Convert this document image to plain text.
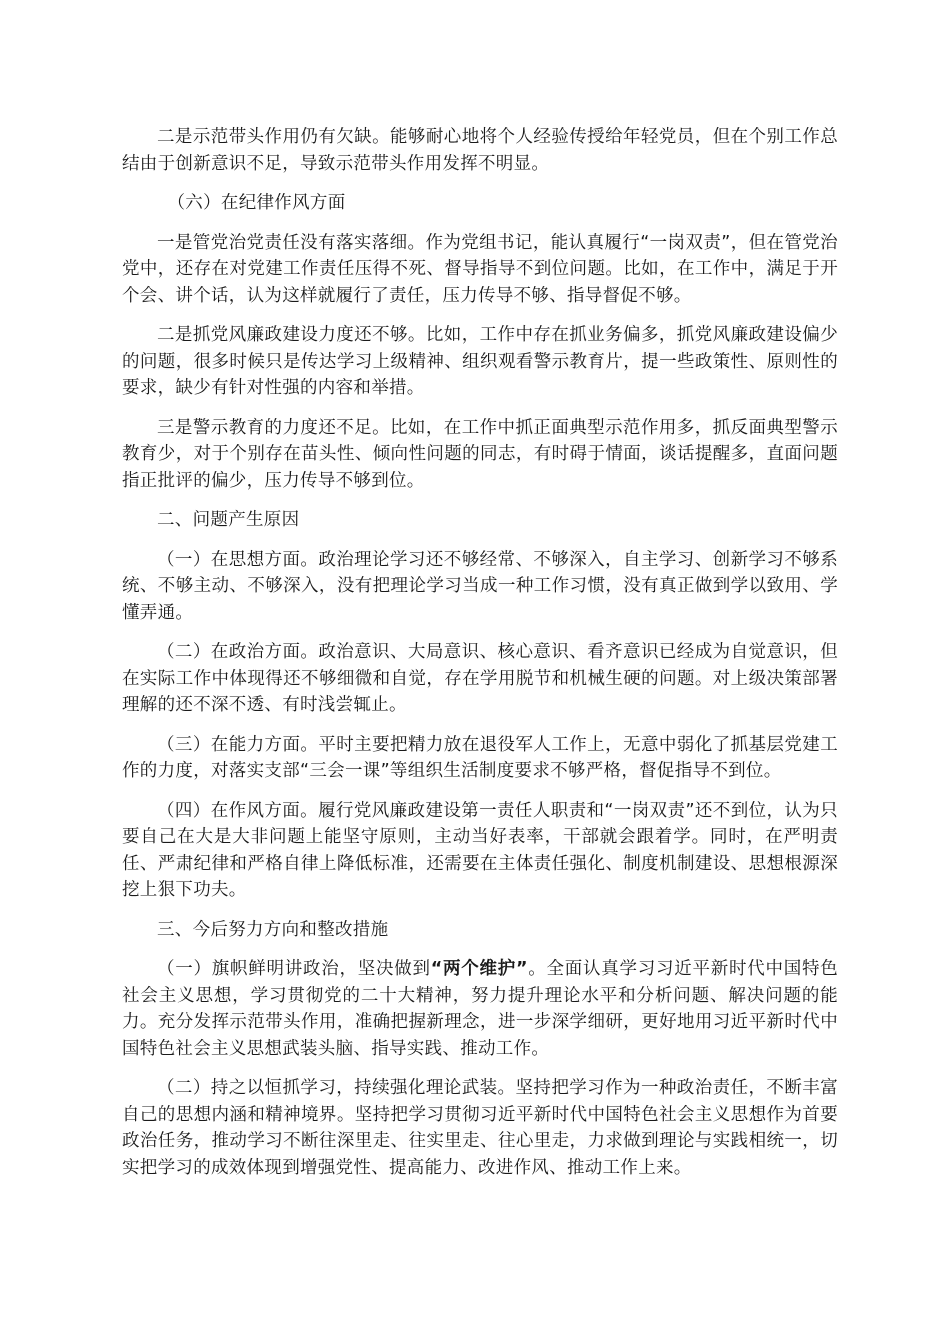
二是示范带头作用仍有欠缺。能够耐心地将个人经验传授给年轻党员，但在个别工作总结由于创新意识不足，导致示范带头作用发挥不明显。

（六）在纪律作风方面

一是管党治党责任没有落实落细。作为党组书记，能认真履行“一岗双责”，但在管党治党中，还存在对党建工作责任压得不死、督导指导不到位问题。比如，在工作中，满足于开个会、讲个话，认为这样就履行了责任，压力传导不够、指导督促不够。

二是抓党风廉政建设力度还不够。比如，工作中存在抓业务偏多，抓党风廉政建设偏少的问题，很多时候只是传达学习上级精神、组织观看警示教育片，提一些政策性、原则性的要求，缺少有针对性强的内容和举措。

三是警示教育的力度还不足。比如，在工作中抓正面典型示范作用多，抓反面典型警示教育少，对于个别存在苗头性、倾向性问题的同志，有时碍于情面，谈话提醒多，直面问题指正批评的偏少，压力传导不够到位。

二、问题产生原因

（一）在思想方面。政治理论学习还不够经常、不够深入，自主学习、创新学习不够系统、不够主动、不够深入，没有把理论学习当成一种工作习惯，没有真正做到学以致用、学懂弄通。

（二）在政治方面。政治意识、大局意识、核心意识、看齐意识已经成为自觉意识，但在实际工作中体现得还不够细微和自觉，存在学用脱节和机械生硬的问题。对上级决策部署理解的还不深不透、有时浅尝辄止。

（三）在能力方面。平时主要把精力放在退役军人工作上，无意中弱化了抓基层党建工作的力度，对落实支部“三会一课”等组织生活制度要求不够严格，督促指导不到位。

（四）在作风方面。履行党风廉政建设第一责任人职责和“一岗双责”还不到位，认为只要自己在大是大非问题上能坚守原则，主动当好表率，干部就会跟着学。同时，在严明责任、严肃纪律和严格自律上降低标准，还需要在主体责任强化、制度机制建设、思想根源深挖上狠下功夫。

三、今后努力方向和整改措施

（一）旗帜鲜明讲政治，坚决做到“两个维护”。全面认真学习习近平新时代中国特色社会主义思想，学习贯彻党的二十大精神，努力提升理论水平和分析问题、解决问题的能力。充分发挥示范带头作用，准确把握新理念，进一步深学细研，更好地用习近平新时代中国特色社会主义思想武装头脑、指导实践、推动工作。

（二）持之以恒抓学习，持续强化理论武装。坚持把学习作为一种政治责任，不断丰富自己的思想内涵和精神境界。坚持把学习贯彻习近平新时代中国特色社会主义思想作为首要政治任务，推动学习不断往深里走、往实里走、往心里走，力求做到理论与实践相统一，切实把学习的成效体现到增强党性、提高能力、改进作风、推动工作上来。
